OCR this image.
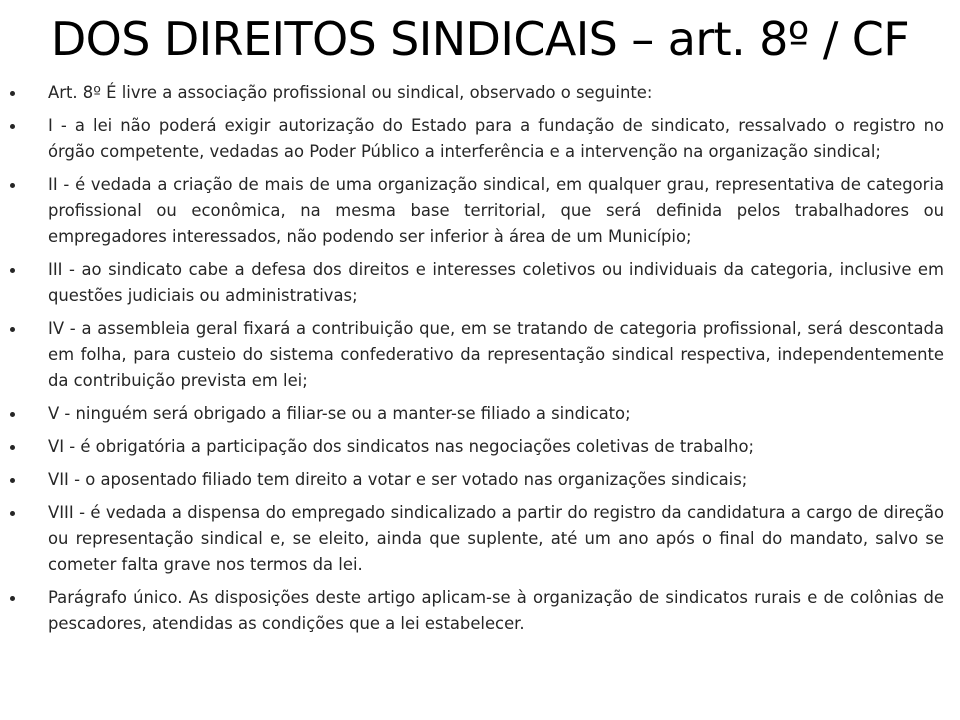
DOS DIREITOS SINDICAIS – art. 8º / CF
Art. 8º É livre a associação profissional ou sindical, observado o seguinte:
I - a lei não poderá exigir autorização do Estado para a fundação de sindicato, ressalvado o registro no órgão competente, vedadas ao Poder Público a interferência e a intervenção na organização sindical;
II - é vedada a criação de mais de uma organização sindical, em qualquer grau, representativa de categoria profissional ou econômica, na mesma base territorial, que será definida pelos trabalhadores ou empregadores interessados, não podendo ser inferior à área de um Município;
III - ao sindicato cabe a defesa dos direitos e interesses coletivos ou individuais da categoria, inclusive em questões judiciais ou administrativas;
IV - a assembleia geral fixará a contribuição que, em se tratando de categoria profissional, será descontada em folha, para custeio do sistema confederativo da representação sindical respectiva, independentemente da contribuição prevista em lei;
V - ninguém será obrigado a filiar-se ou a manter-se filiado a sindicato;
VI - é obrigatória a participação dos sindicatos nas negociações coletivas de trabalho;
VII - o aposentado filiado tem direito a votar e ser votado nas organizações sindicais;
VIII - é vedada a dispensa do empregado sindicalizado a partir do registro da candidatura a cargo de direção ou representação sindical e, se eleito, ainda que suplente, até um ano após o final do mandato, salvo se cometer falta grave nos termos da lei.
Parágrafo único. As disposições deste artigo aplicam-se à organização de sindicatos rurais e de colônias de pescadores, atendidas as condições que a lei estabelecer.
